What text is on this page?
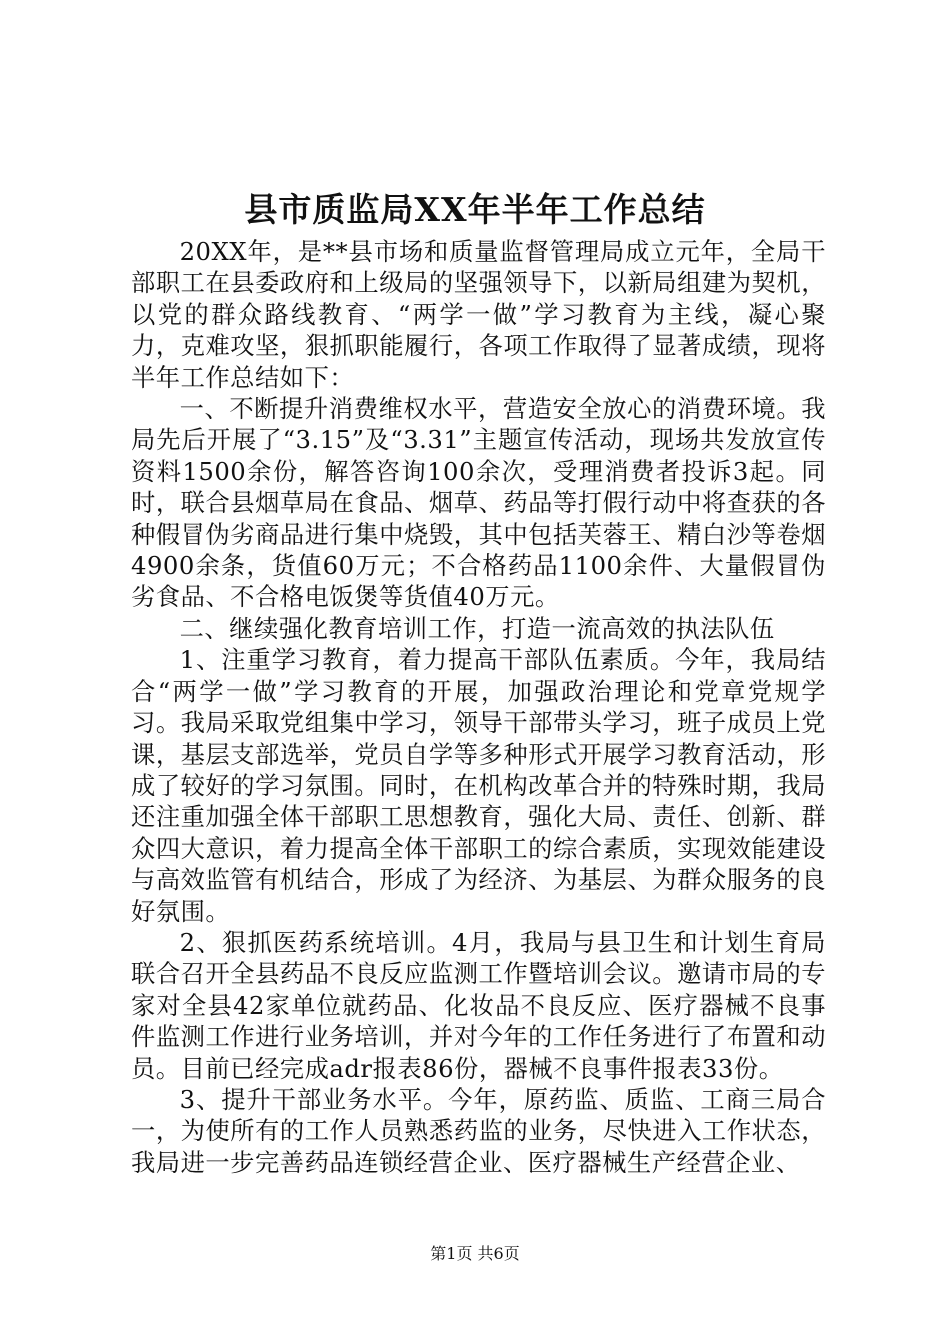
县市质监局XX年半年工作总结

20XX年，是**县市场和质量监督管理局成立元年，全局干部职工在县委政府和上级局的坚强领导下，以新局组建为契机，以党的群众路线教育、“两学一做”学习教育为主线，凝心聚力，克难攻坚，狠抓职能履行，各项工作取得了显著成绩，现将半年工作总结如下：

一、不断提升消费维权水平，营造安全放心的消费环境。我局先后开展了“3.15”及“3.31”主题宣传活动，现场共发放宣传资料1500余份，解答咨询100余次，受理消费者投诉3起。同时，联合县烟草局在食品、烟草、药品等打假行动中将查获的各种假冒伪劣商品进行集中烧毁，其中包括芙蓉王、精白沙等卷烟4900余条，货值60万元；不合格药品1100余件、大量假冒伪劣食品、不合格电饭煲等货值40万元。

二、继续强化教育培训工作，打造一流高效的执法队伍

1、注重学习教育，着力提高干部队伍素质。今年，我局结合“两学一做”学习教育的开展，加强政治理论和党章党规学习。我局采取党组集中学习，领导干部带头学习，班子成员上党课，基层支部选举，党员自学等多种形式开展学习教育活动，形成了较好的学习氛围。同时，在机构改革合并的特殊时期，我局还注重加强全体干部职工思想教育，强化大局、责任、创新、群众四大意识，着力提高全体干部职工的综合素质，实现效能建设与高效监管有机结合，形成了为经济、为基层、为群众服务的良好氛围。

2、狠抓医药系统培训。4月，我局与县卫生和计划生育局联合召开全县药品不良反应监测工作暨培训会议。邀请市局的专家对全县42家单位就药品、化妆品不良反应、医疗器械不良事件监测工作进行业务培训，并对今年的工作任务进行了布置和动员。目前已经完成adr报表86份，器械不良事件报表33份。

3、提升干部业务水平。今年，原药监、质监、工商三局合一，为使所有的工作人员熟悉药监的业务，尽快进入工作状态，我局进一步完善药品连锁经营企业、医疗器械生产经营企业、

第1页 共6页
